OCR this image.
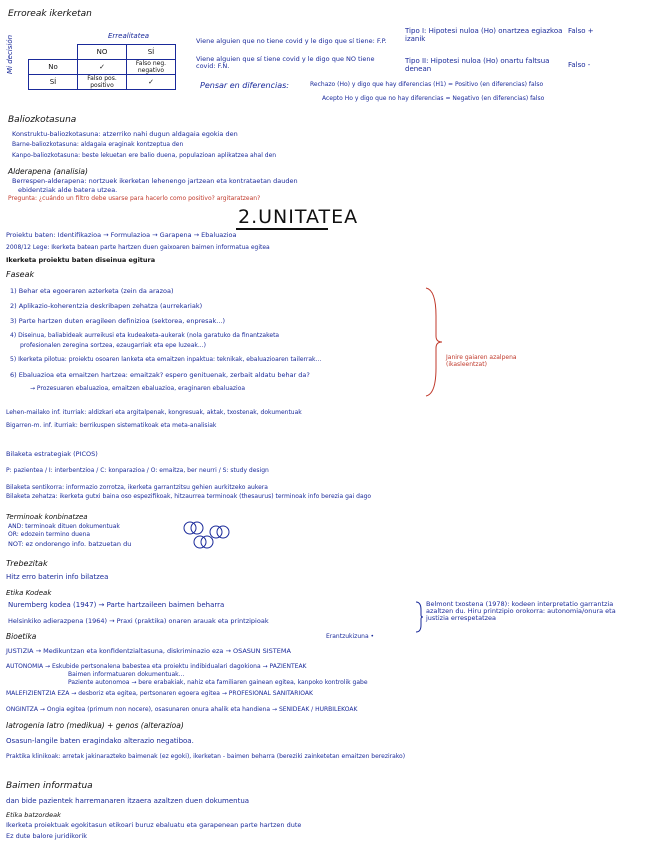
Erroreak ikerketan
Mi decisión	Errealitatea
	NO	SÍ
No	✓	Falso neg. negativo
SÍ	Falso pos. positivo	✓
Viene alguien que no tiene covid y le digo que sí tiene: F.P.
Viene alguien que sí tiene covid y le digo que NO tiene covid: F.N.
Tipo I: Hipotesi nuloa (Ho) onartzea egiazkoa izanik
Falso +
Tipo II: Hipotesi nuloa (Ho) onartu faltsua denean	Falso -
Pensar en diferencias:	Rechazo (Ho) y digo que hay diferencias (H1) = Positivo (en diferencias) falso
Acepto Ho y digo que no hay diferencias = Negativo (en diferencias) falso
Baliozkotasuna
Konstruktu-baliozkotasuna: atzerriko nahi dugun aldagaia egokia den
Barne-baliozkotasuna: aldagaia eraginak kontzeptua den
Kanpo-baliozkotasuna: beste lekuetan ere balio duena, populazioan aplikatzea ahal den
Alderapena (analisia)
Berrespen-alderapena: nortzuek ikerketan lehenengo jartzean eta kontrataetan dauden
ebidentziak alde batera utzea.
Pregunta: ¿cuándo un filtro debe usarse para hacerlo como positivo? argitaratzean?
2.UNITATEA
Proiektu baten: Identifikazioa → Formulazioa → Garapena → Ebaluazioa
2008/12 Lege: Ikerketa batean parte hartzen duen gaixoaren baimen informatua egitea
Ikerketa proiektu baten diseinua egitura
Faseak
1) Behar eta egoeraren azterketa (zein da arazoa)
2) Aplikazio-koherentzia deskribapen zehatza (aurrekariak)
3) Parte hartzen duten eragileen definizioa (sektorea, enpresak...)
4) Diseinua, baliabideak aurreikusi eta kudeaketa-aukerak (nola garatuko da finantzaketa
profesionalen zeregina sortzea, ezaugarriak eta epe luzeak...)
5) Ikerketa pilotua: proiektu osoaren lanketa eta emaitzen inpaktua: teknikak, ebaluazioaren tailerrak...
6) Ebaluazioa eta emaitzen hartzea: emaitzak? espero genituenak, zerbait aldatu behar da?
→ Prozesuaren ebaluazioa, emaitzen ebaluazioa, eraginaren ebaluazioa
Janire gaiaren azalpena (ikasleentzat)
Lehen-mailako inf. iturriak: aldizkari eta argitalpenak, kongresuak, aktak, txostenak, dokumentuak
Bigarren-m. inf. iturriak: berrikuspen sistematikoak eta meta-analisiak
Bilaketa estrategiak (PICOS)
P: pazientea / I: interbentzioa / C: konparazioa / O: emaitza, ber neurri / S: study design
Bilaketa sentikorra: informazio zorrotza, ikerketa garrantzitsu gehien aurkitzeko aukera
Bilaketa zehatza: ikerketa gutxi baina oso espezifikoak, hitzaurrea terminoak (thesaurus) terminoak info berezia gai dago
Terminoak konbinatzea
AND: terminoak dituen dokumentuak
OR: edozein termino duena
NOT: ez ondorengo info. batzuetan du
Trebezitak
Hitz erro baterin info bilatzea
Etika Kodeak
Nuremberg kodea (1947) → Parte hartzaileen baimen beharra
Helsinkiko adierazpena (1964) → Praxi (praktika) onaren arauak eta printzipioak
Belmont txostena (1978): kodeen interpretatio garrantzia azaltzen du. Hiru printzipio orokorra: autonomia/onura eta justizia errespetatzea
Bioetika	Erantzukizuna •
JUSTIZIA → Medikuntzan eta konfidentzialtasuna, diskriminazio eza → OSASUN SISTEMA
AUTONOMIA → Eskubide pertsonalena babestea eta proiektu indibidualari dagokiona → PAZIENTEAK
Baimen informatuaren dokumentuak...
Paziente autonomoa → bere erabakiak, nahiz eta familiaren gainean egitea, kanpoko kontrolik gabe
MALEFIZIENTZIA EZA → desboriz eta egitea, pertsonaren egoera egitea → PROFESIONAL SANITARIOAK
ONGINTZA → Ongia egitea (primum non nocere), osasunaren onura ahalik eta handiena → SENIDEAK / HURBILEKOAK
Iatrogenia Iatro (medikua) + genos (alterazioa)
Osasun-langile baten eragindako alterazio negatiboa.
Praktika klinikoak: arretak jakinarazteko baimenak (ez egoki), ikerketan - baimen beharra (bereziki zainketetan emaitzen berezirako)
Baimen informatua
dan bide pazientek harremanaren itzaera azaltzen duen dokumentua
Etika batzordeak
Ikerketa proiektuak egokitasun etikoari buruz ebaluatu eta garapenean parte hartzen dute
Ez dute balore juridikorik
